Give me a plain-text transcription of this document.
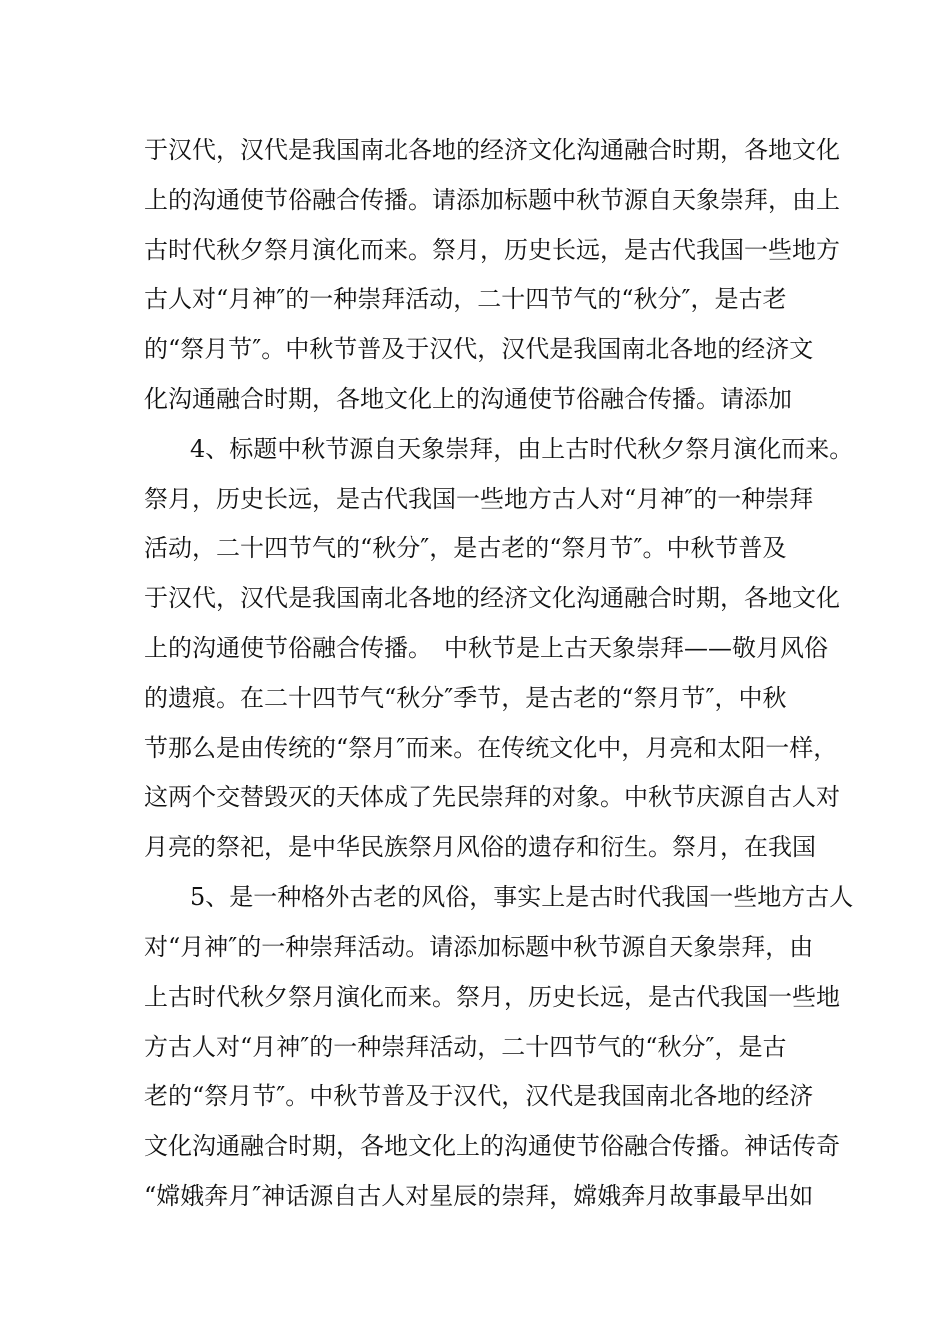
于汉代，汉代是我国南北各地的经济文化沟通融合时期，各地文化
上的沟通使节俗融合传播。请添加标题中秋节源自天象崇拜，由上
古时代秋夕祭月演化而来。祭月，历史长远，是古代我国一些地方
古人对“月神″的一种崇拜活动，二十四节气的“秋分″，是古老
的“祭月节″。中秋节普及于汉代，汉代是我国南北各地的经济文
化沟通融合时期，各地文化上的沟通使节俗融合传播。请添加
4、标题中秋节源自天象崇拜，由上古时代秋夕祭月演化而来。
祭月，历史长远，是古代我国一些地方古人对“月神″的一种崇拜
活动，二十四节气的“秋分″，是古老的“祭月节″。中秋节普及
于汉代，汉代是我国南北各地的经济文化沟通融合时期，各地文化
上的沟通使节俗融合传播。　中秋节是上古天象崇拜——敬月风俗
的遗痕。在二十四节气“秋分″季节，是古老的“祭月节″，中秋
节那么是由传统的“祭月″而来。在传统文化中，月亮和太阳一样，
这两个交替毁灭的天体成了先民崇拜的对象。中秋节庆源自古人对
月亮的祭祀，是中华民族祭月风俗的遗存和衍生。祭月，在我国
5、是一种格外古老的风俗，事实上是古时代我国一些地方古人
对“月神″的一种崇拜活动。请添加标题中秋节源自天象崇拜，由
上古时代秋夕祭月演化而来。祭月，历史长远，是古代我国一些地
方古人对“月神″的一种崇拜活动，二十四节气的“秋分″，是古
老的“祭月节″。中秋节普及于汉代，汉代是我国南北各地的经济
文化沟通融合时期，各地文化上的沟通使节俗融合传播。神话传奇
“嫦娥奔月″神话源自古人对星辰的崇拜，嫦娥奔月故事最早出如
